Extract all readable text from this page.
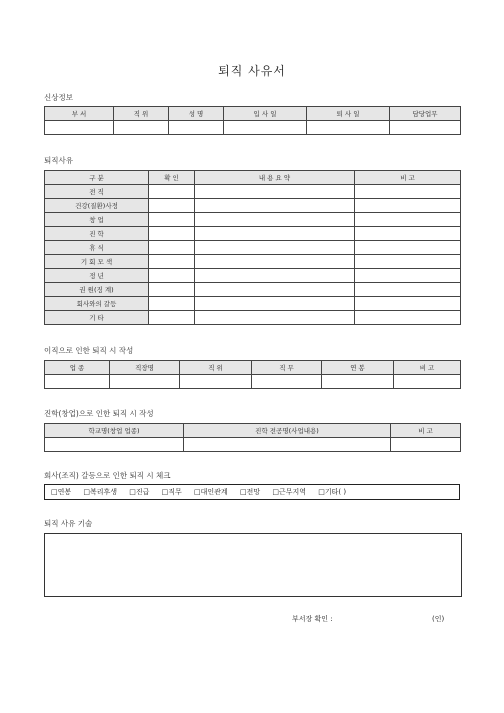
퇴직 사유서
신상정보
부 서	직 위	성 명	입 사 일	퇴 사 일	담당업무

퇴직사유
구 분	확 인	내 용 요 약	비 고
전 직			
건강(질환)사정			
창 업			
진 학			
휴 식			
기 회 모 색			
정 년			
권 원(징 계)			
회사와의 갈등			
기 타			
이직으로 인한 퇴직 시 작성
업 종	직장명	직 위	직 무	연 봉	비 고

진학(창업)으로 인한 퇴직 시 작성
학교명(창업 업종)	진학 전공명(사업내용)	비 고

회사(조직) 갈등으로 인한 퇴직 시 체크
□연봉 □복리후생 □진급 □직무 □대인관계 □전망 □근무지역 □기타( )
퇴직 사유 기술
부서장 확인 :	(인)
